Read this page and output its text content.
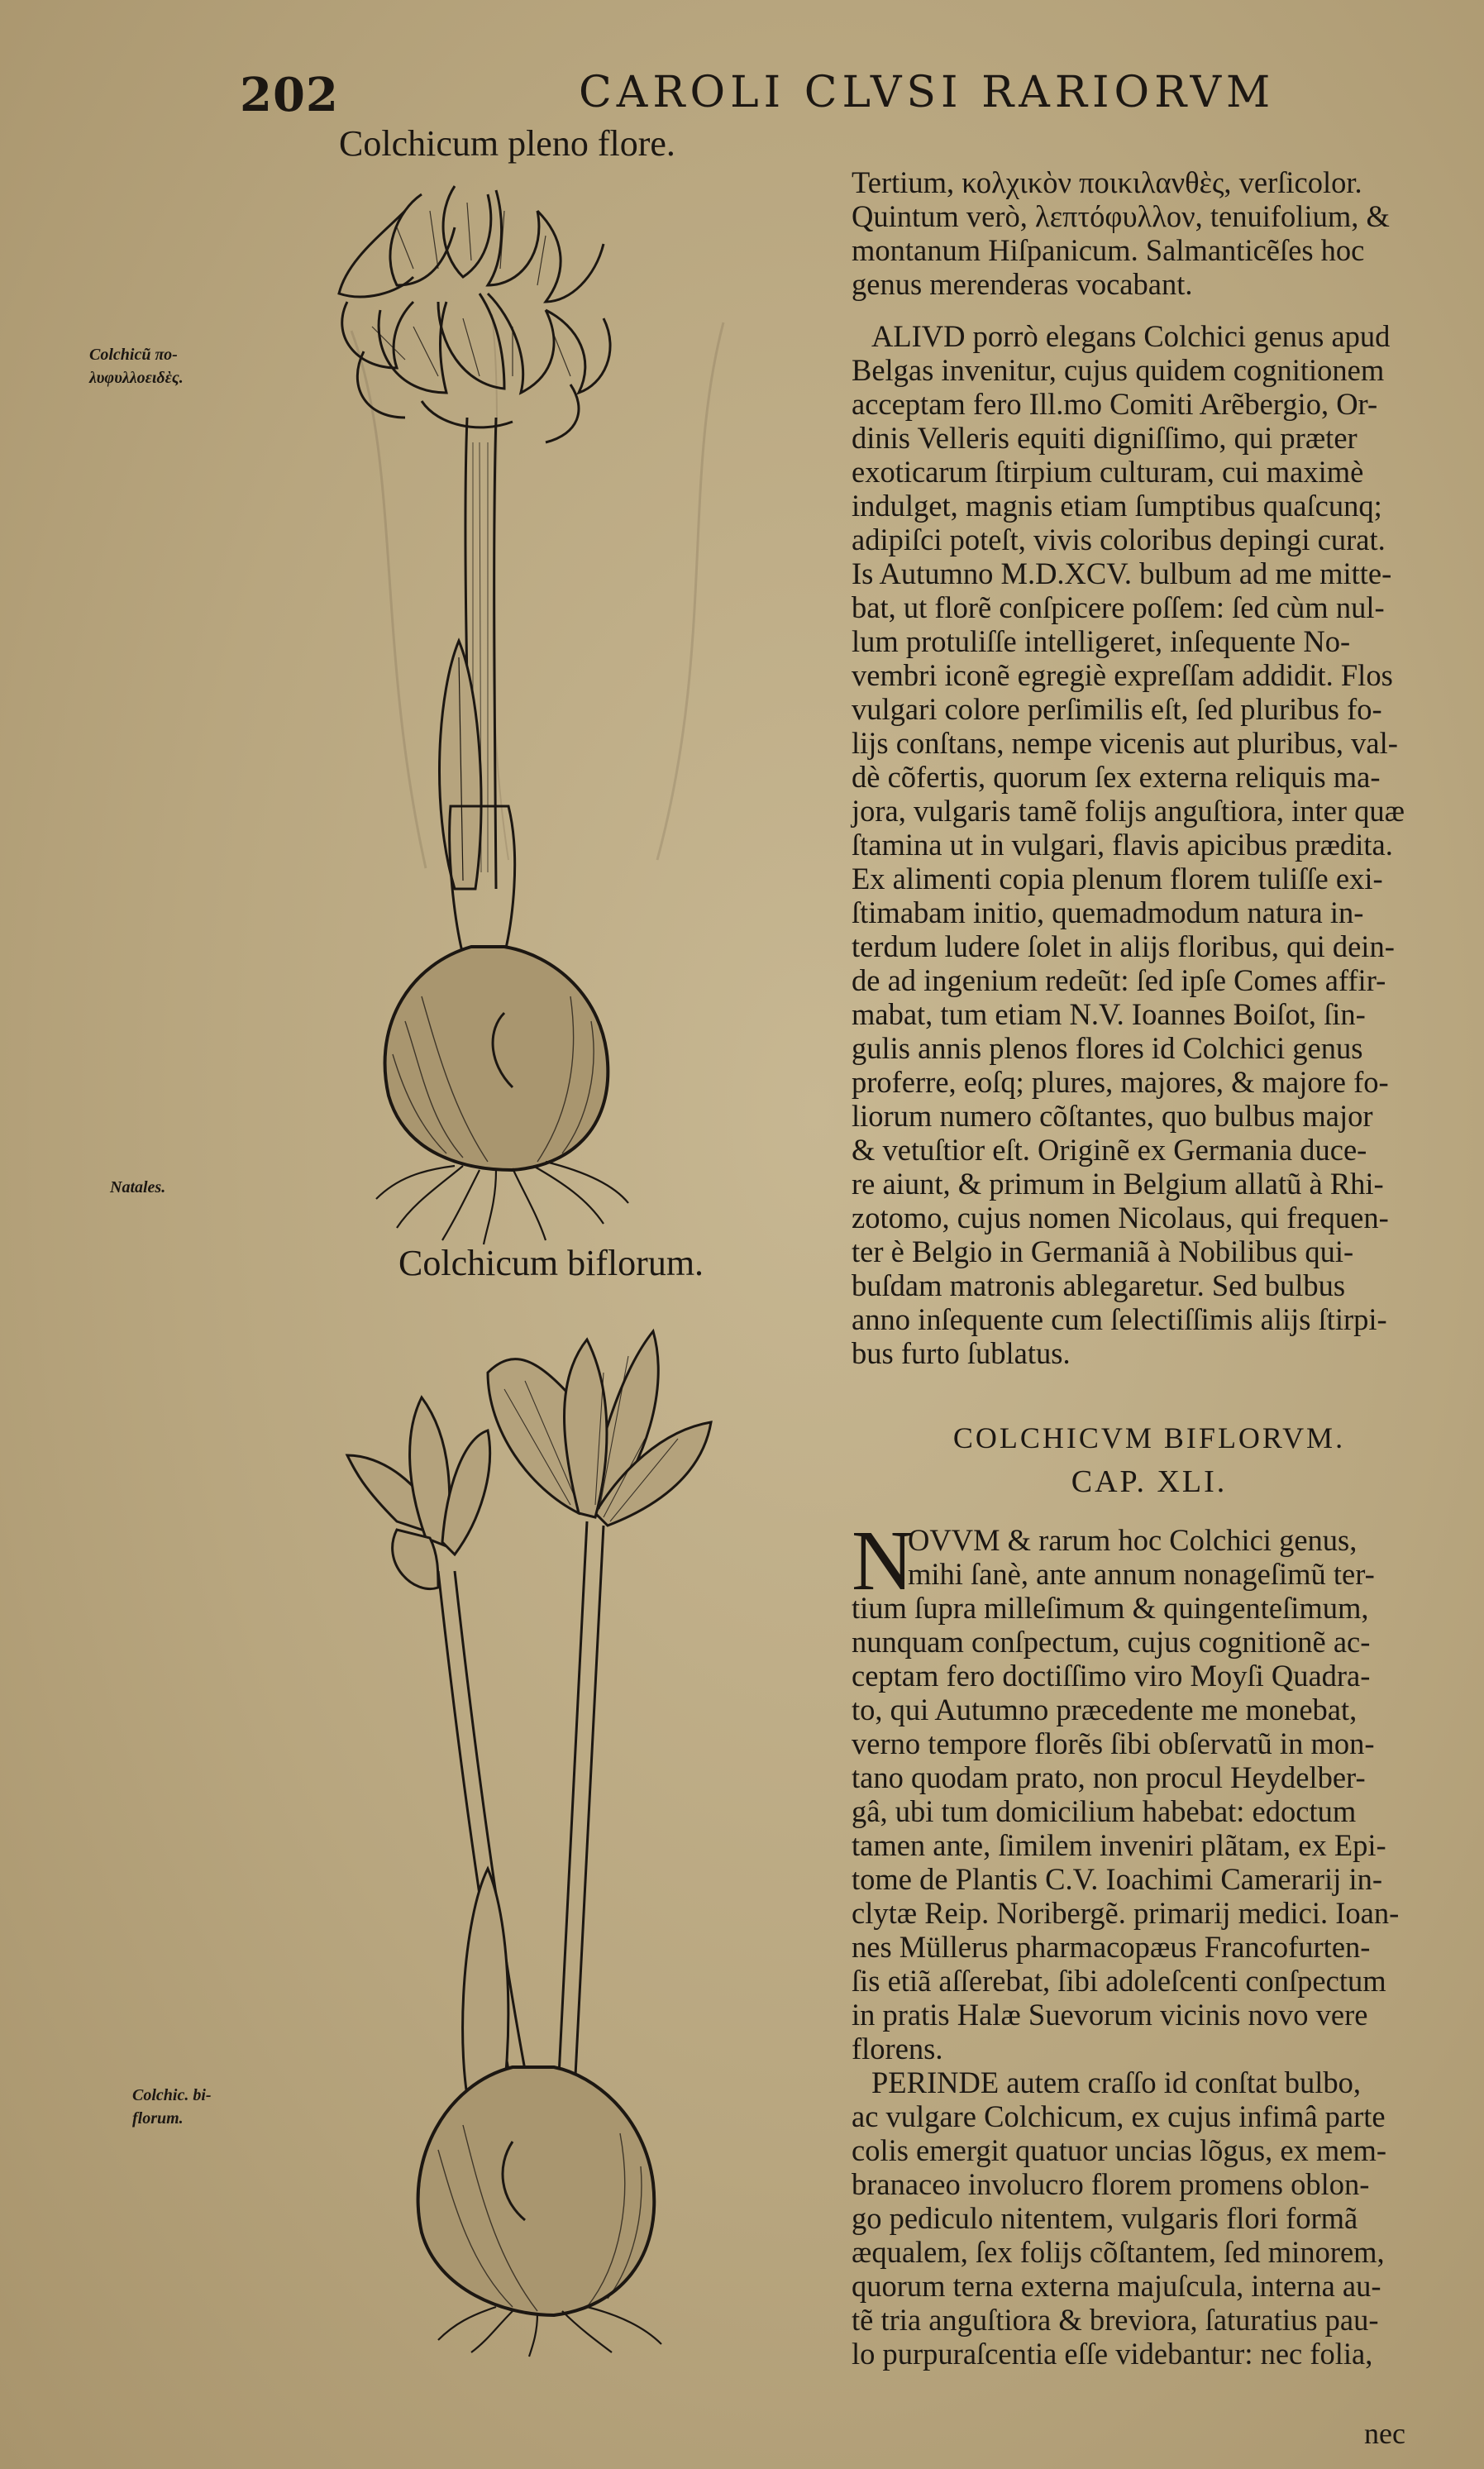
202	CAROLI CLVSI RARIORVM
Colchicum pleno flore.
Colchicũ πο-
λυφυλλοειδὲς.
Natales.
Colchic. bi-
florum.
Colchicum biflorum.
Tertium, κολχικὸν ποικιλανθὲς, verſicolor.
Quintum verò, λεπτόφυλλον, tenuifolium, &
montanum Hiſpanicum. Salmanticẽſes hoc
genus merenderas vocabant.
ALIVD porrò elegans Colchici genus apud
Belgas invenitur, cujus quidem cognitionem
acceptam fero Ill.mo Comiti Arẽbergio, Or-
dinis Velleris equiti digniſſimo, qui præter
exoticarum ſtirpium culturam, cui maximè
indulget, magnis etiam ſumptibus quaſcunq;
adipiſci poteſt, vivis coloribus depingi curat.
Is Autumno M.D.XCV. bulbum ad me mitte-
bat, ut florẽ conſpicere poſſem: ſed cùm nul-
lum protuliſſe intelligeret, inſequente No-
vembri iconẽ egregiè expreſſam addidit. Flos
vulgari colore perſimilis eſt, ſed pluribus fo-
lijs conſtans, nempe vicenis aut pluribus, val-
dè cõfertis, quorum ſex externa reliquis ma-
jora, vulgaris tamẽ folijs anguſtiora, inter quæ
ſtamina ut in vulgari, flavis apicibus prædita.
Ex alimenti copia plenum florem tuliſſe exi-
ſtimabam initio, quemadmodum natura in-
terdum ludere ſolet in alijs floribus, qui dein-
de ad ingenium redeũt: ſed ipſe Comes affir-
mabat, tum etiam N.V. Ioannes Boiſot, ſin-
gulis annis plenos flores id Colchici genus
proferre, eoſq; plures, majores, & majore fo-
liorum numero cõſtantes, quo bulbus major
& vetuſtior eſt. Originẽ ex Germania duce-
re aiunt, & primum in Belgium allatũ à Rhi-
zotomo, cujus nomen Nicolaus, qui frequen-
ter è Belgio in Germaniã à Nobilibus qui-
buſdam matronis ablegaretur. Sed bulbus
anno inſequente cum ſelectiſſimis alijs ſtirpi-
bus furto ſublatus.
COLCHICVM BIFLORVM.
CAP. XLI.
N
OVVM & rarum hoc Colchici genus,
mihi ſanè, ante annum nonageſimũ ter-
tium ſupra milleſimum & quingenteſimum,
nunquam conſpectum, cujus cognitionẽ ac-
ceptam fero doctiſſimo viro Moyſi Quadra-
to, qui Autumno præcedente me monebat,
verno tempore florẽs ſibi obſervatũ in mon-
tano quodam prato, non procul Heydelber-
gâ, ubi tum domicilium habebat: edoctum
tamen ante, ſimilem inveniri plãtam, ex Epi-
tome de Plantis C.V. Ioachimi Camerarij in-
clytæ Reip. Noribergẽ. primarij medici. Ioan-
nes Müllerus pharmacopæus Francofurten-
ſis etiã aſſerebat, ſibi adoleſcenti conſpectum
in pratis Halæ Suevorum vicinis novo vere
florens.
PERINDE autem craſſo id conſtat bulbo,
ac vulgare Colchicum, ex cujus infimâ parte
colis emergit quatuor uncias lõgus, ex mem-
branaceo involucro florem promens oblon-
go pediculo nitentem, vulgaris flori formã
æqualem, ſex folijs cõſtantem, ſed minorem,
quorum terna externa majuſcula, interna au-
tẽ tria anguſtiora & breviora, ſaturatius pau-
lo purpuraſcentia eſſe videbantur: nec folia,
nec
